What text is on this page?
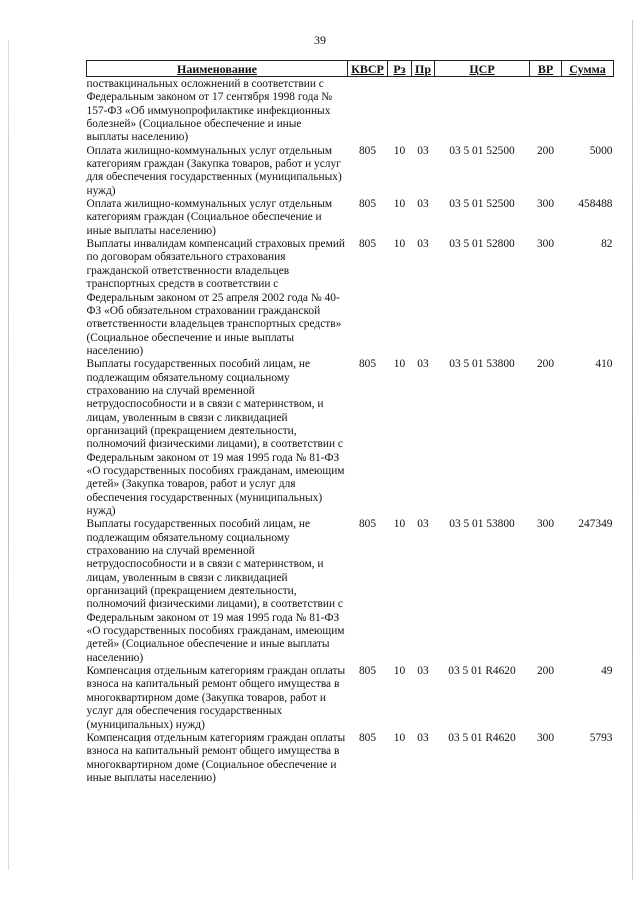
39
Наименование	КВСР	Рз	Пр	ЦСР	ВР	Сумма
поствакцинальных осложнений в соответствии с Федеральным законом от 17 сентября 1998 года № 157-ФЗ «Об иммунопрофилактике инфекционных болезней» (Социальное обеспечение и иные выплаты населению)						
Оплата жилищно-коммунальных услуг отдельным категориям граждан (Закупка товаров, работ и услуг для обеспечения государственных (муниципальных) нужд)	805	10	03	03 5 01 52500	200	5000
Оплата жилищно-коммунальных услуг отдельным категориям граждан (Социальное обеспечение и иные выплаты населению)	805	10	03	03 5 01 52500	300	458488
Выплаты инвалидам компенсаций страховых премий по договорам обязательного страхования гражданской ответственности владельцев транспортных средств в соответствии с Федеральным законом от 25 апреля 2002 года № 40-ФЗ «Об обязательном страховании гражданской ответственности владельцев транспортных средств» (Социальное обеспечение и иные выплаты населению)	805	10	03	03 5 01 52800	300	82
Выплаты государственных пособий лицам, не подлежащим обязательному социальному страхованию на случай временной нетрудоспособности и в связи с материнством, и лицам, уволенным в связи с ликвидацией организаций (прекращением деятельности, полномочий физическими лицами), в соответствии с Федеральным законом от 19 мая 1995 года № 81-ФЗ «О государственных пособиях гражданам, имеющим детей» (Закупка товаров, работ и услуг для обеспечения государственных (муниципальных) нужд)	805	10	03	03 5 01 53800	200	410
Выплаты государственных пособий лицам, не подлежащим обязательному социальному страхованию на случай временной нетрудоспособности и в связи с материнством, и лицам, уволенным в связи с ликвидацией организаций (прекращением деятельности, полномочий физическими лицами), в соответствии с Федеральным законом от 19 мая 1995 года № 81-ФЗ «О государственных пособиях гражданам, имеющим детей» (Социальное обеспечение и иные выплаты населению)	805	10	03	03 5 01 53800	300	247349
Компенсация отдельным категориям граждан оплаты взноса на капитальный ремонт общего имущества в многоквартирном доме (Закупка товаров, работ и услуг для обеспечения государственных (муниципальных) нужд)	805	10	03	03 5 01 R4620	200	49
Компенсация отдельным категориям граждан оплаты взноса на капитальный ремонт общего имущества в многоквартирном доме (Социальное обеспечение и иные выплаты населению)	805	10	03	03 5 01 R4620	300	5793
